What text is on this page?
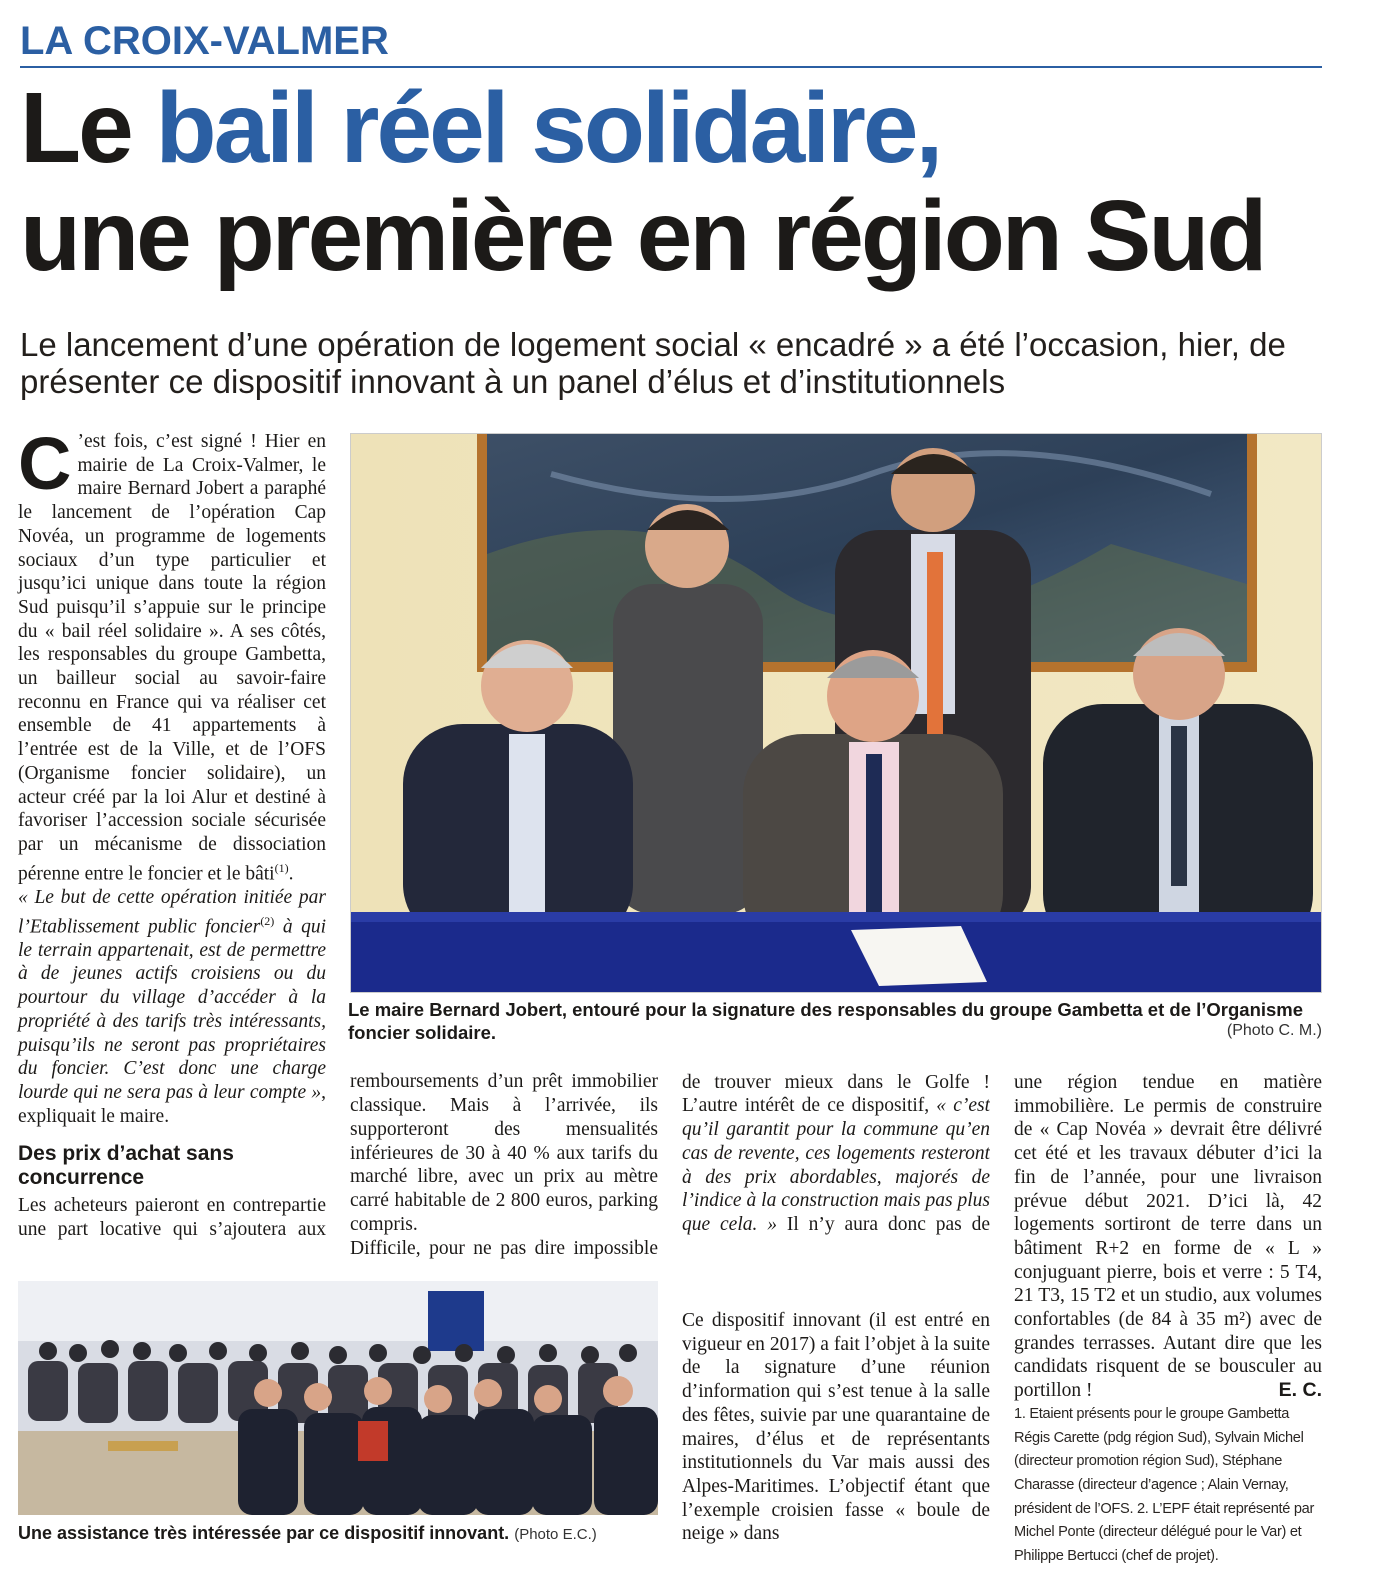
LA CROIX-VALMER
Le bail réel solidaire,
une première en région Sud
Le lancement d’une opération de logement social « encadré » a été l’occasion, hier, de présenter ce dispositif innovant à un panel d’élus et d’institutionnels

C ’est fois, c’est signé ! Hier en mairie de La Croix-Valmer, le maire Bernard Jobert a paraphé le lancement de l’opération Cap Novéa, un programme de logements sociaux d’un type particulier et jusqu’ici unique dans toute la région Sud puisqu’il s’appuie sur le principe du « bail réel solidaire ». A ses côtés, les responsables du groupe Gambetta, un bailleur social au savoir-faire reconnu en France qui va réaliser cet ensemble de 41 appartements à l’entrée est de la Ville, et de l’OFS (Organisme foncier solidaire), un acteur créé par la loi Alur et destiné à favoriser l’accession sociale sécurisée par un mécanisme de dissociation pérenne entre le foncier et le bâti$^{(1)}$.

« Le but de cette opération initiée par l’Etablissement public foncier$^{(2)}$ à qui le terrain appartenait, est de permettre à de jeunes actifs croisiens ou du pourtour du village d’accéder à la propriété à des tarifs très intéressants, puisqu’ils ne seront pas propriétaires du foncier. C’est donc une charge lourde qui ne sera pas à leur compte », expliquait le maire.

Des prix d’achat sans concurrence

Les acheteurs paieront en contrepartie une part locative qui s’ajoutera aux

remboursements d’un prêt immobilier classique. Mais à l’arrivée, ils supporteront des mensualités inférieures de 30 à 40 % aux tarifs du marché libre, avec un prix au mètre carré habitable de 2 800 euros, parking compris.

Difficile, pour ne pas dire impossible

de trouver mieux dans le Golfe ! L’autre intérêt de ce dispositif, « c’est qu’il garantit pour la commune qu’en cas de revente, ces logements resteront à des prix abordables, majorés de l’indice à la construction mais pas plus que cela. » Il n’y aura donc pas de

Ce dispositif innovant (il est entré en vigueur en 2017) a fait l’objet à la suite de la signature d’une réunion d’information qui s’est tenue à la salle des fêtes, suivie par une quarantaine de maires, d’élus et de représentants institutionnels du Var mais aussi des Alpes-Maritimes. L’objectif étant que l’exemple croisien fasse « boule de neige » dans

une région tendue en matière immobilière. Le permis de construire de « Cap Novéa » devrait être délivré cet été et les travaux débuter d’ici la fin de l’année, pour une livraison prévue début 2021. D’ici là, 42 logements sortiront de terre dans un bâtiment R+2 en forme de « L » conjuguant pierre, bois et verre : 5 T4, 21 T3, 15 T2 et un studio, aux volumes confortables (de 84 à 35 m²) avec de grandes terrasses. Autant dire que les candidats risquent de se bousculer au portillon !	E. C.

1. Etaient présents pour le groupe Gambetta Régis Carette (pdg région Sud), Sylvain Michel (directeur promotion région Sud), Stéphane Charasse (directeur d’agence ; Alain Vernay, président de l’OFS. 2. L’EPF était représenté par Michel Ponte (directeur délégué pour le Var) et Philippe Bertucci (chef de projet).

Le maire Bernard Jobert, entouré pour la signature des responsables du groupe Gambetta et de l’Organisme foncier solidaire.	(Photo C. M.)
Une assistance très intéressée par ce dispositif innovant. (Photo E.C.)
